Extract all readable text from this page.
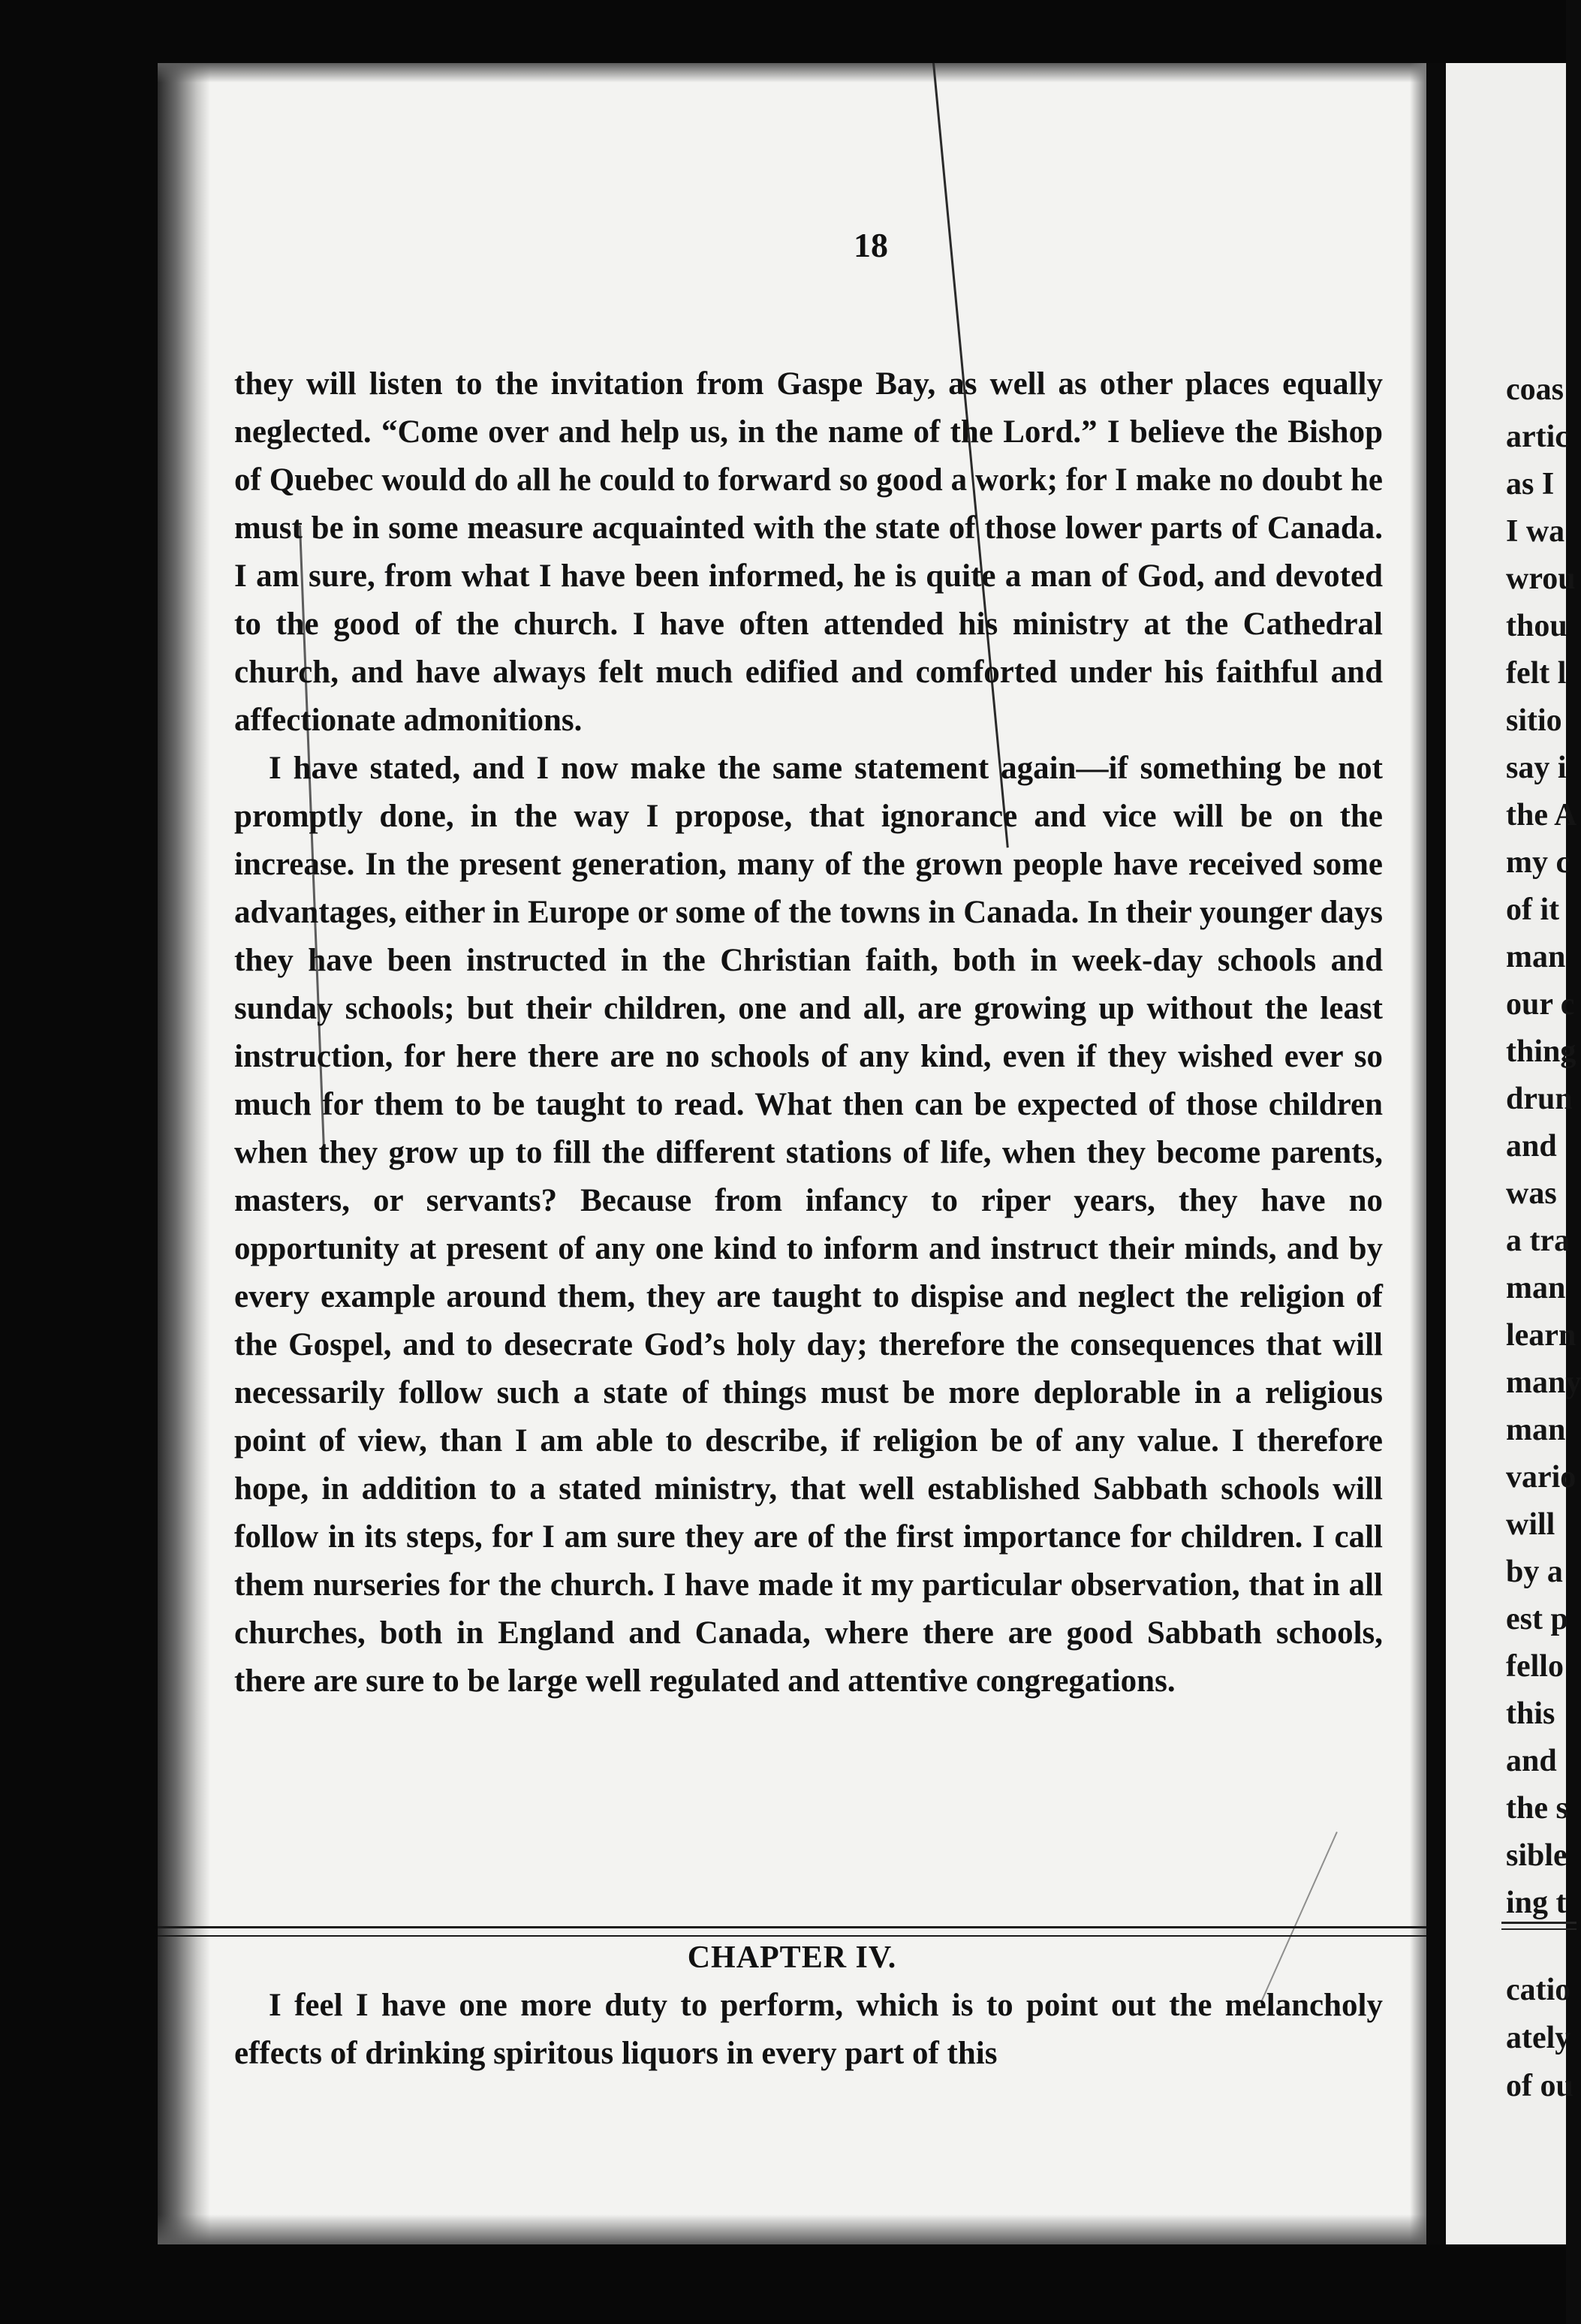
coas
artic
as I
I wa
wrou
thou
felt l
sitio
say i
the A
my c
of it
man
our c
thing
drun
and
was
a tra
man
learn
many
man
vario
will
by a
est p
fello
this
and
the s
sible
ing t
catio
ately
of ou
18

they will listen to the invitation from Gaspe Bay, as well as other places equally neglected. “Come over and help us, in the name of the Lord.” I believe the Bishop of Quebec would do all he could to forward so good a work; for I make no doubt he must be in some measure acquainted with the state of those lower parts of Canada. I am sure, from what I have been informed, he is quite a man of God, and devoted to the good of the church. I have often attended his ministry at the Cathedral church, and have always felt much edified and comforted under his faithful and affectionate admonitions.

I have stated, and I now make the same statement again—if something be not promptly done, in the way I propose, that ignorance and vice will be on the increase. In the present generation, many of the grown people have received some advantages, either in Europe or some of the towns in Canada. In their younger days they have been instructed in the Christian faith, both in week-day schools and sunday schools; but their children, one and all, are growing up without the least instruction, for here there are no schools of any kind, even if they wished ever so much for them to be taught to read. What then can be expected of those children when they grow up to fill the different stations of life, when they become parents, masters, or servants? Because from infancy to riper years, they have no opportunity at present of any one kind to inform and instruct their minds, and by every example around them, they are taught to dispise and neglect the religion of the Gospel, and to desecrate God’s holy day; therefore the consequences that will necessarily follow such a state of things must be more deplorable in a religious point of view, than I am able to describe, if religion be of any value. I therefore hope, in addition to a stated ministry, that well established Sabbath schools will follow in its steps, for I am sure they are of the first importance for children. I call them nurseries for the church. I have made it my particular observation, that in all churches, both in England and Canada, where there are good Sabbath schools, there are sure to be large well regulated and attentive congregations.

CHAPTER IV.

I feel I have one more duty to perform, which is to point out the melancholy effects of drinking spiritous liquors in every part of this
